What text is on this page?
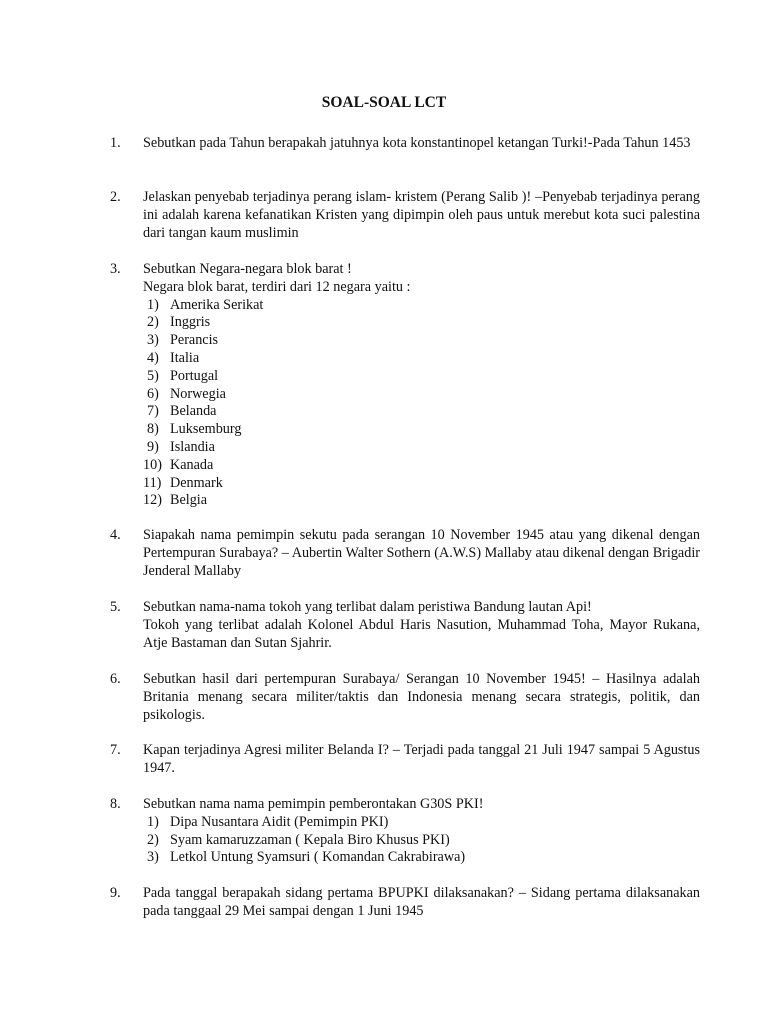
SOAL-SOAL LCT
1. Sebutkan pada Tahun berapakah jatuhnya kota konstantinopel ketangan Turki!-Pada Tahun 1453
2. Jelaskan penyebab terjadinya perang islam- kristem (Perang Salib )! –Penyebab terjadinya perang ini adalah karena kefanatikan Kristen yang dipimpin oleh paus untuk merebut kota suci palestina dari tangan kaum muslimin
3. Sebutkan Negara-negara blok barat !
Negara blok barat, terdiri dari 12 negara yaitu :
1) Amerika Serikat
2) Inggris
3) Perancis
4) Italia
5) Portugal
6) Norwegia
7) Belanda
8) Luksemburg
9) Islandia
10) Kanada
11) Denmark
12) Belgia
4. Siapakah nama pemimpin sekutu pada serangan 10 November 1945 atau yang dikenal dengan Pertempuran Surabaya? – Aubertin Walter Sothern (A.W.S) Mallaby atau dikenal dengan Brigadir Jenderal Mallaby
5. Sebutkan nama-nama tokoh yang terlibat dalam peristiwa Bandung lautan Api!
Tokoh yang terlibat adalah Kolonel Abdul Haris Nasution, Muhammad Toha, Mayor Rukana, Atje Bastaman dan Sutan Sjahrir.
6. Sebutkan hasil dari pertempuran Surabaya/ Serangan 10 November 1945! – Hasilnya adalah Britania menang secara militer/taktis dan Indonesia menang secara strategis, politik, dan psikologis.
7. Kapan terjadinya Agresi militer Belanda I? – Terjadi pada tanggal 21 Juli 1947 sampai 5 Agustus 1947.
8. Sebutkan nama nama pemimpin pemberontakan G30S PKI!
1) Dipa Nusantara Aidit (Pemimpin PKI)
2) Syam kamaruzzaman ( Kepala Biro Khusus PKI)
3) Letkol Untung Syamsuri ( Komandan Cakrabirawa)
9. Pada tanggal berapakah sidang pertama BPUPKI dilaksanakan? – Sidang pertama dilaksanakan   pada tanggaal 29 Mei sampai dengan 1 Juni 1945
